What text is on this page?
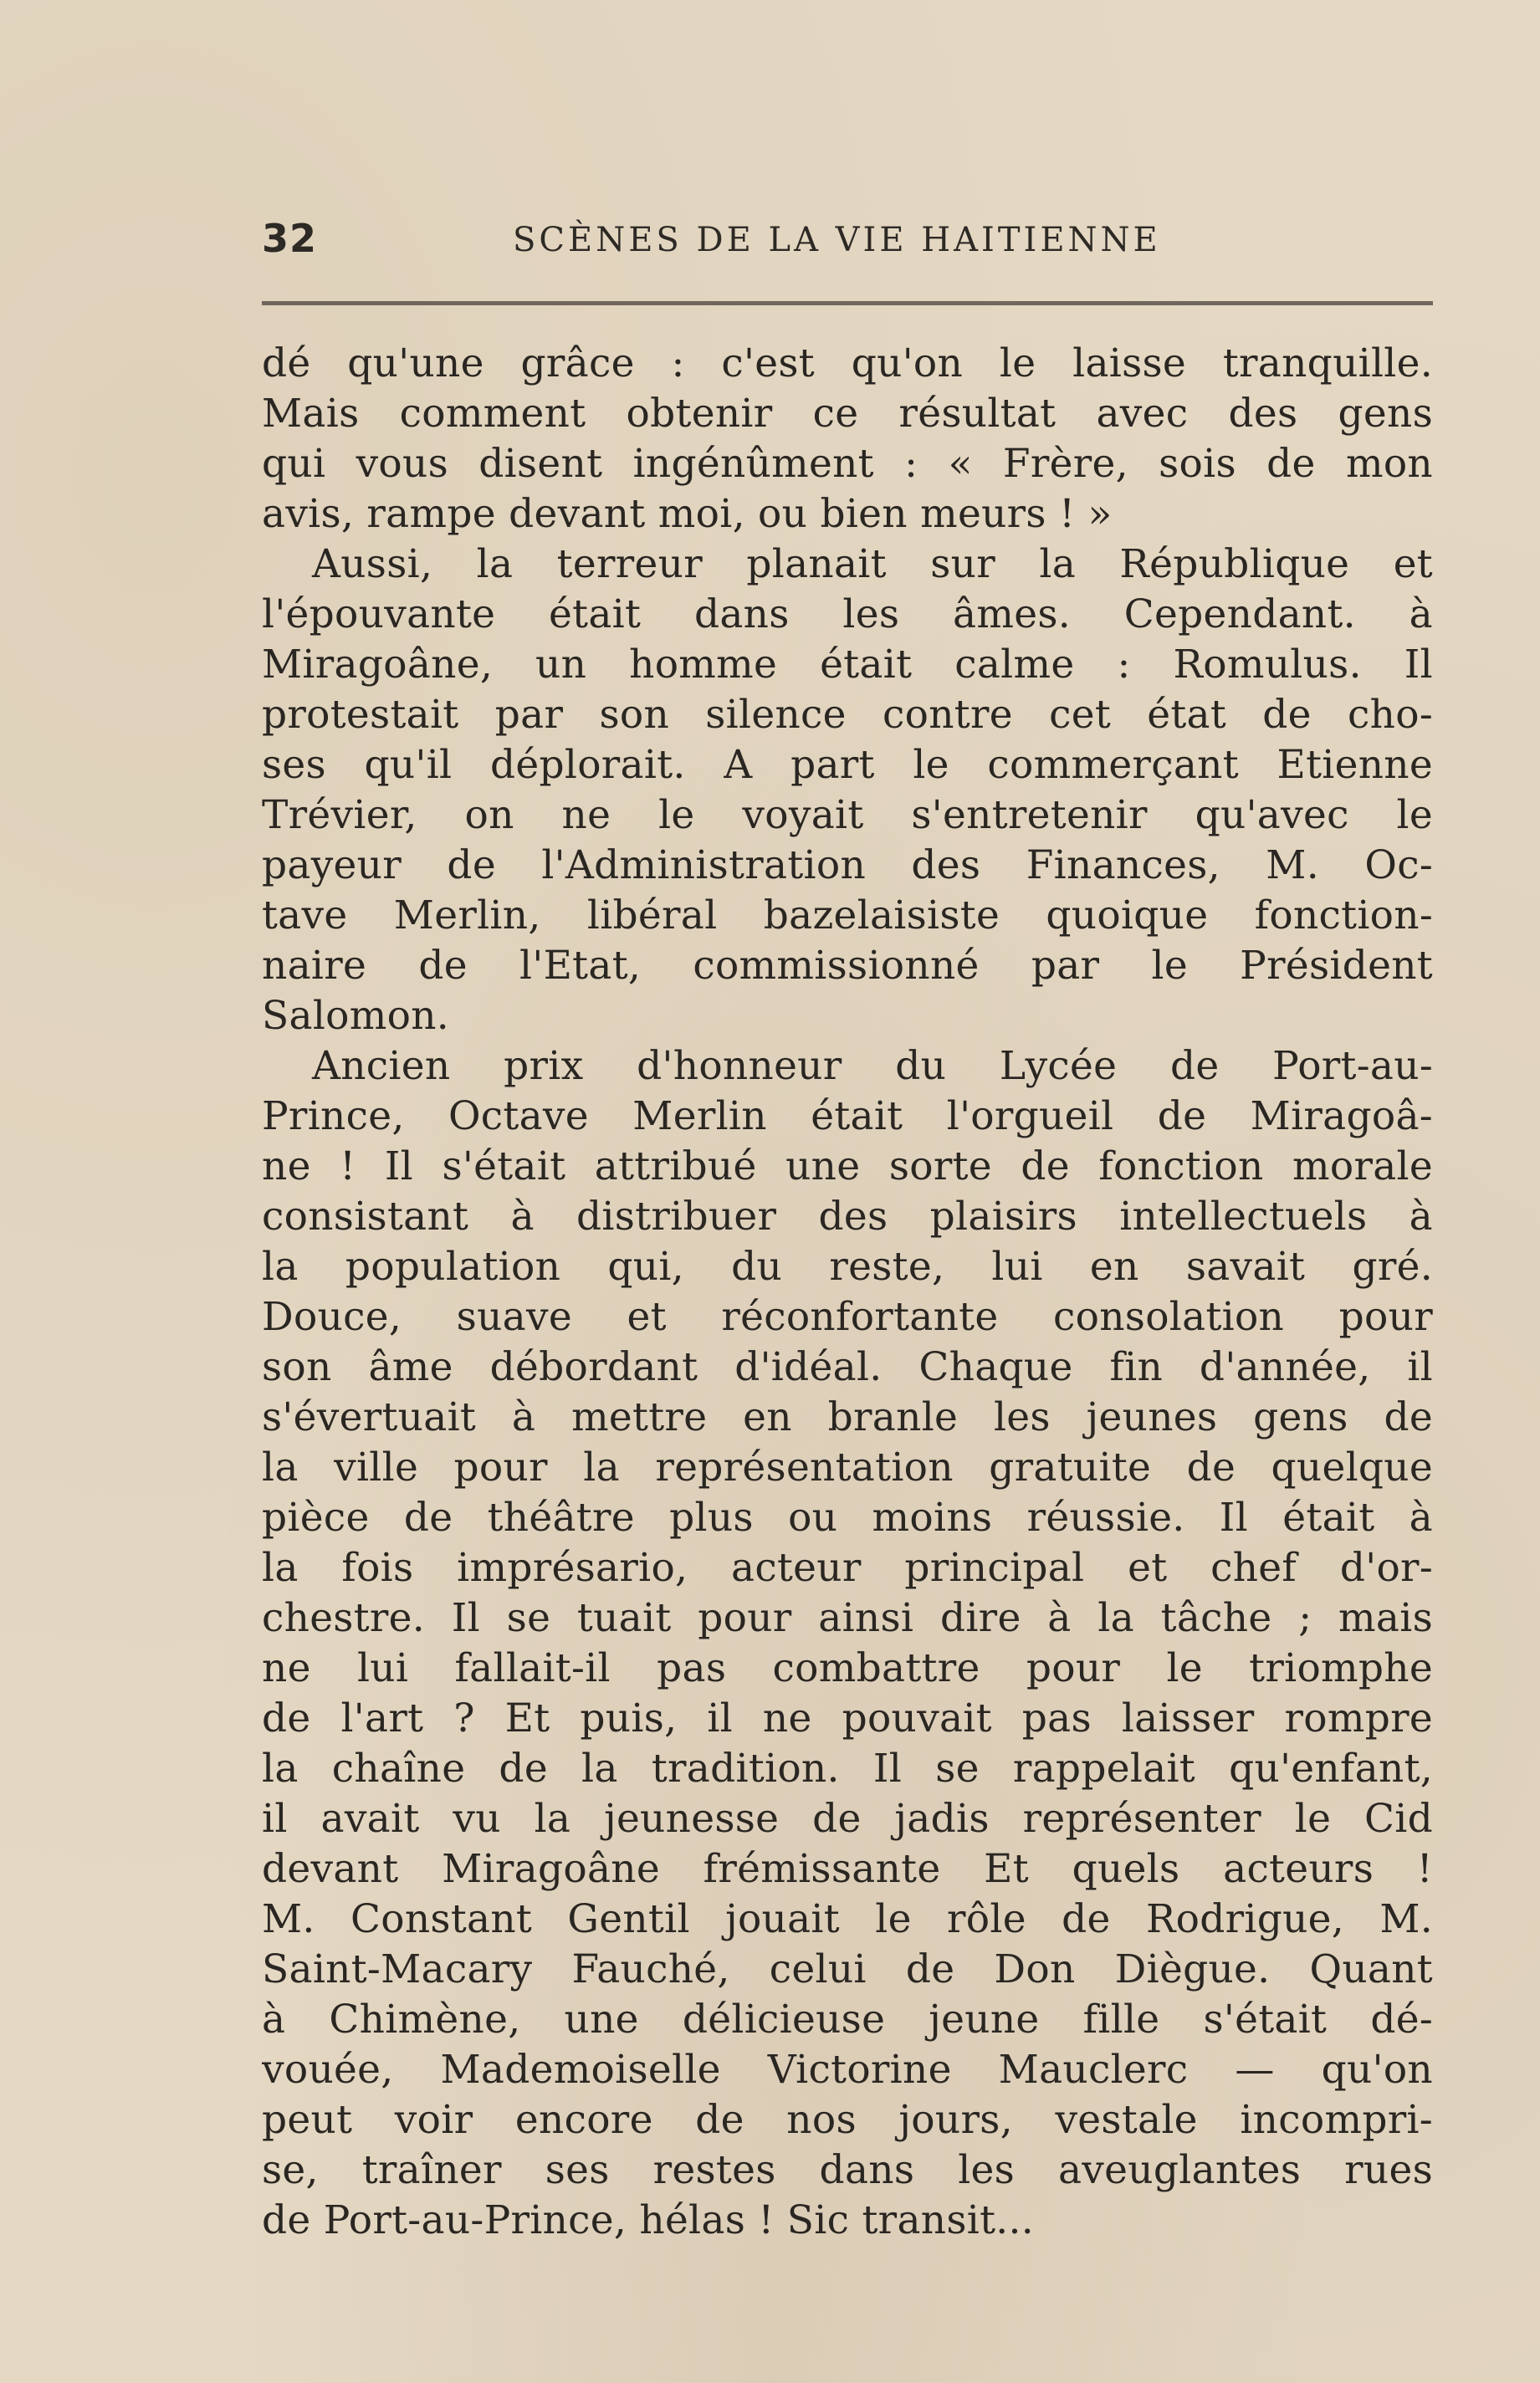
32	SCÈNES DE LA VIE HAITIENNE
dé qu'une grâce : c'est qu'on le laisse tranquille.
Mais comment obtenir ce résultat avec des gens
qui vous disent ingénûment : « Frère, sois de mon
avis, rampe devant moi, ou bien meurs ! »
Aussi, la terreur planait sur la République et
l'épouvante était dans les âmes. Cependant. à
Miragoâne, un homme était calme : Romulus. Il
protestait par son silence contre cet état de cho-
ses qu'il déplorait. A part le commerçant Etienne
Trévier, on ne le voyait s'entretenir qu'avec le
payeur de l'Administration des Finances, M. Oc-
tave Merlin, libéral bazelaisiste quoique fonction-
naire de l'Etat, commissionné par le Président
Salomon.
Ancien prix d'honneur du Lycée de Port-au-
Prince, Octave Merlin était l'orgueil de Miragoâ-
ne ! Il s'était attribué une sorte de fonction morale
consistant à distribuer des plaisirs intellectuels à
la population qui, du reste, lui en savait gré.
Douce, suave et réconfortante consolation pour
son âme débordant d'idéal. Chaque fin d'année, il
s'évertuait à mettre en branle les jeunes gens de
la ville pour la représentation gratuite de quelque
pièce de théâtre plus ou moins réussie. Il était à
la fois imprésario, acteur principal et chef d'or-
chestre. Il se tuait pour ainsi dire à la tâche ; mais
ne lui fallait-il pas combattre pour le triomphe
de l'art ? Et puis, il ne pouvait pas laisser rompre
la chaîne de la tradition. Il se rappelait qu'enfant,
il avait vu la jeunesse de jadis représenter le Cid
devant Miragoâne frémissante Et quels acteurs !
M. Constant Gentil jouait le rôle de Rodrigue, M.
Saint-Macary Fauché, celui de Don Diègue. Quant
à Chimène, une délicieuse jeune fille s'était dé-
vouée, Mademoiselle Victorine Mauclerc — qu'on
peut voir encore de nos jours, vestale incompri-
se, traîner ses restes dans les aveuglantes rues
de Port-au-Prince, hélas ! Sic transit...
